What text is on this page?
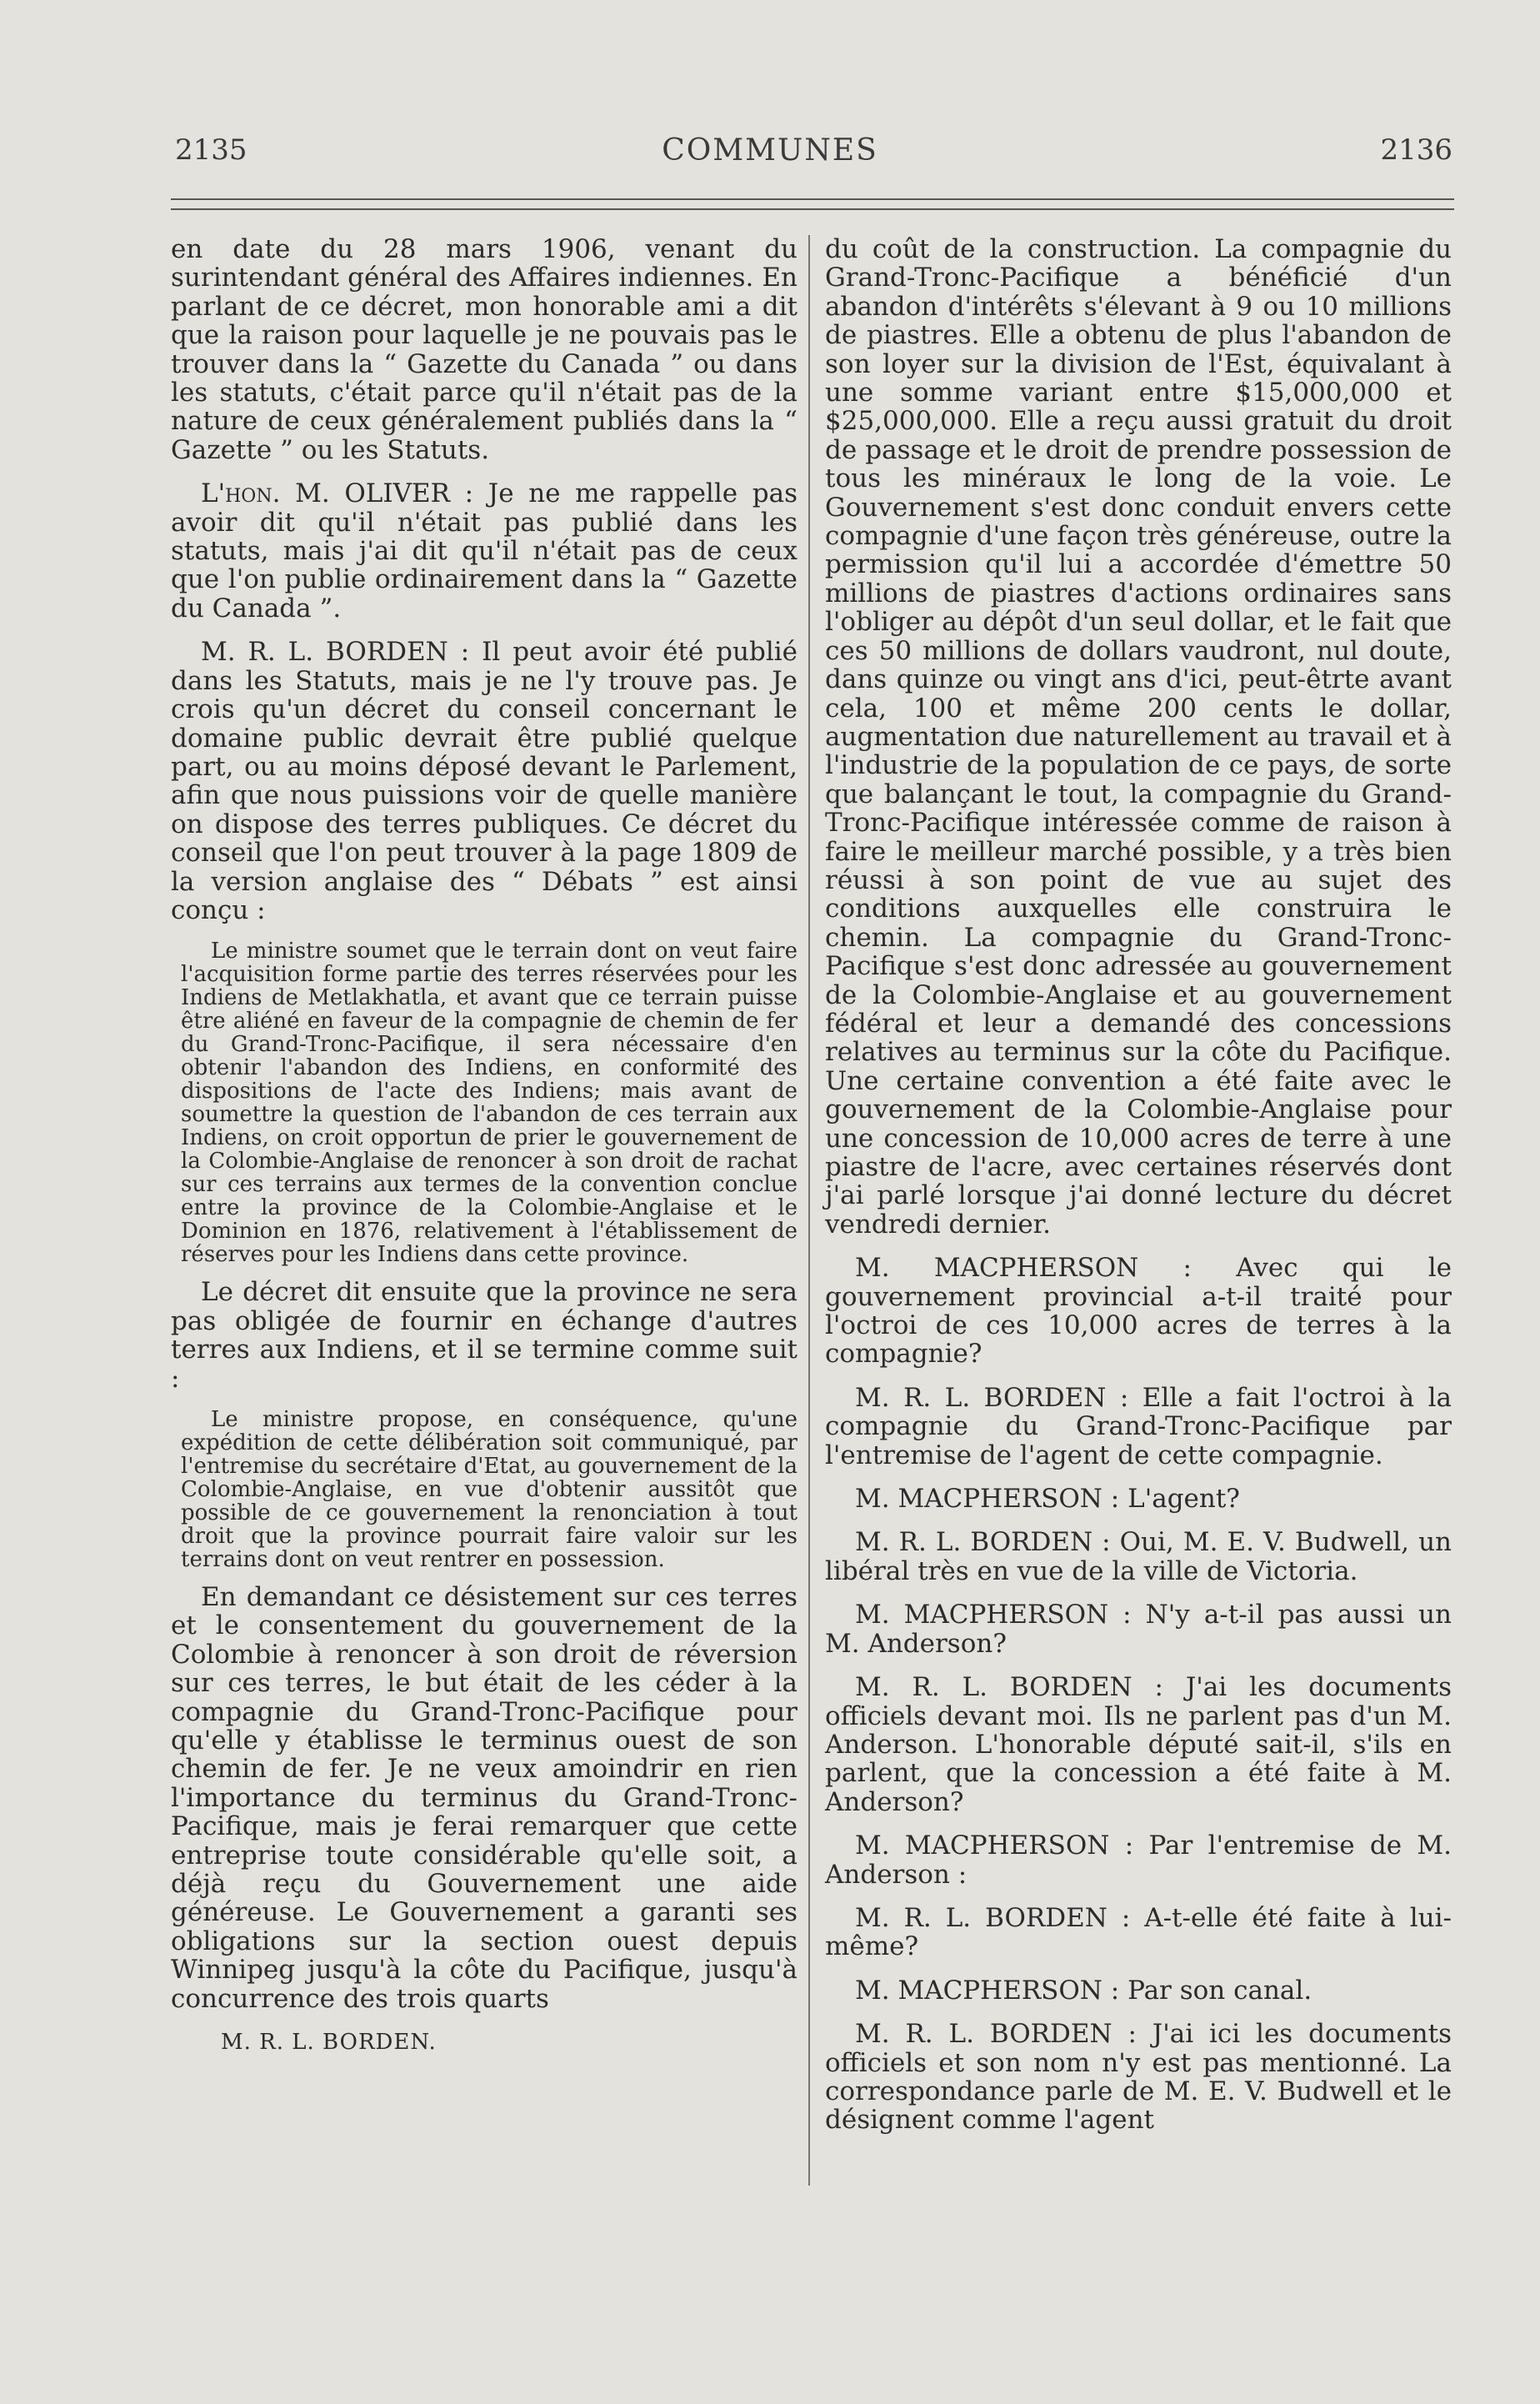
2135	COMMUNES	2136

en date du 28 mars 1906, venant du surintendant général des Affaires indiennes. En parlant de ce décret, mon honorable ami a dit que la raison pour laquelle je ne pouvais pas le trouver dans la “ Gazette du Canada ” ou dans les statuts, c'était parce qu'il n'était pas de la nature de ceux généralement publiés dans la “ Gazette ” ou les Statuts.

L'hon. M. OLIVER : Je ne me rappelle pas avoir dit qu'il n'était pas publié dans les statuts, mais j'ai dit qu'il n'était pas de ceux que l'on publie ordinairement dans la “ Gazette du Canada ”.

M. R. L. BORDEN : Il peut avoir été publié dans les Statuts, mais je ne l'y trouve pas. Je crois qu'un décret du conseil concernant le domaine public devrait être publié quelque part, ou au moins déposé devant le Parlement, afin que nous puissions voir de quelle manière on dispose des terres publiques. Ce décret du conseil que l'on peut trouver à la page 1809 de la version anglaise des “ Débats ” est ainsi conçu :

Le ministre soumet que le terrain dont on veut faire l'acquisition forme partie des terres réservées pour les Indiens de Metlakhatla, et avant que ce terrain puisse être aliéné en faveur de la compagnie de chemin de fer du Grand-Tronc-Pacifique, il sera nécessaire d'en obtenir l'abandon des Indiens, en conformité des dispositions de l'acte des Indiens; mais avant de soumettre la question de l'abandon de ces terrain aux Indiens, on croit opportun de prier le gouvernement de la Colombie-Anglaise de renoncer à son droit de rachat sur ces terrains aux termes de la convention conclue entre la province de la Colombie-Anglaise et le Dominion en 1876, relativement à l'établissement de réserves pour les Indiens dans cette province.

Le décret dit ensuite que la province ne sera pas obligée de fournir en échange d'autres terres aux Indiens, et il se termine comme suit :

Le ministre propose, en conséquence, qu'une expédition de cette délibération soit communiqué, par l'entremise du secrétaire d'Etat, au gouvernement de la Colombie-Anglaise, en vue d'obtenir aussitôt que possible de ce gouvernement la renonciation à tout droit que la province pourrait faire valoir sur les terrains dont on veut rentrer en possession.

En demandant ce désistement sur ces terres et le consentement du gouvernement de la Colombie à renoncer à son droit de réversion sur ces terres, le but était de les céder à la compagnie du Grand-Tronc-Pacifique pour qu'elle y établisse le terminus ouest de son chemin de fer. Je ne veux amoindrir en rien l'importance du terminus du Grand-Tronc-Pacifique, mais je ferai remarquer que cette entreprise toute considérable qu'elle soit, a déjà reçu du Gouvernement une aide généreuse. Le Gouvernement a garanti ses obligations sur la section ouest depuis Winnipeg jusqu'à la côte du Pacifique, jusqu'à concurrence des trois quarts

M. R. L. BORDEN.

du coût de la construction. La compagnie du Grand-Tronc-Pacifique a bénéficié d'un abandon d'intérêts s'élevant à 9 ou 10 millions de piastres. Elle a obtenu de plus l'abandon de son loyer sur la division de l'Est, équivalant à une somme variant entre $15,000,000 et $25,000,000. Elle a reçu aussi gratuit du droit de passage et le droit de prendre possession de tous les minéraux le long de la voie. Le Gouvernement s'est donc conduit envers cette compagnie d'une façon très généreuse, outre la permission qu'il lui a accordée d'émettre 50 millions de piastres d'actions ordinaires sans l'obliger au dépôt d'un seul dollar, et le fait que ces 50 millions de dollars vaudront, nul doute, dans quinze ou vingt ans d'ici, peut-êtrte avant cela, 100 et même 200 cents le dollar, augmentation due naturellement au travail et à l'industrie de la population de ce pays, de sorte que balançant le tout, la compagnie du Grand-Tronc-Pacifique intéressée comme de raison à faire le meilleur marché possible, y a très bien réussi à son point de vue au sujet des conditions auxquelles elle construira le chemin. La compagnie du Grand-Tronc-Pacifique s'est donc adressée au gouvernement de la Colombie-Anglaise et au gouvernement fédéral et leur a demandé des concessions relatives au terminus sur la côte du Pacifique. Une certaine convention a été faite avec le gouvernement de la Colombie-Anglaise pour une concession de 10,000 acres de terre à une piastre de l'acre, avec certaines réservés dont j'ai parlé lorsque j'ai donné lecture du décret vendredi dernier.

M. MACPHERSON : Avec qui le gouvernement provincial a-t-il traité pour l'octroi de ces 10,000 acres de terres à la compagnie?

M. R. L. BORDEN : Elle a fait l'octroi à la compagnie du Grand-Tronc-Pacifique par l'entremise de l'agent de cette compagnie.

M. MACPHERSON : L'agent?

M. R. L. BORDEN : Oui, M. E. V. Budwell, un libéral très en vue de la ville de Victoria.

M. MACPHERSON : N'y a-t-il pas aussi un M. Anderson?

M. R. L. BORDEN : J'ai les documents officiels devant moi. Ils ne parlent pas d'un M. Anderson. L'honorable député sait-il, s'ils en parlent, que la concession a été faite à M. Anderson?

M. MACPHERSON : Par l'entremise de M. Anderson :

M. R. L. BORDEN : A-t-elle été faite à lui-même?

M. MACPHERSON : Par son canal.

M. R. L. BORDEN : J'ai ici les documents officiels et son nom n'y est pas mentionné. La correspondance parle de M. E. V. Budwell et le désignent comme l'agent
